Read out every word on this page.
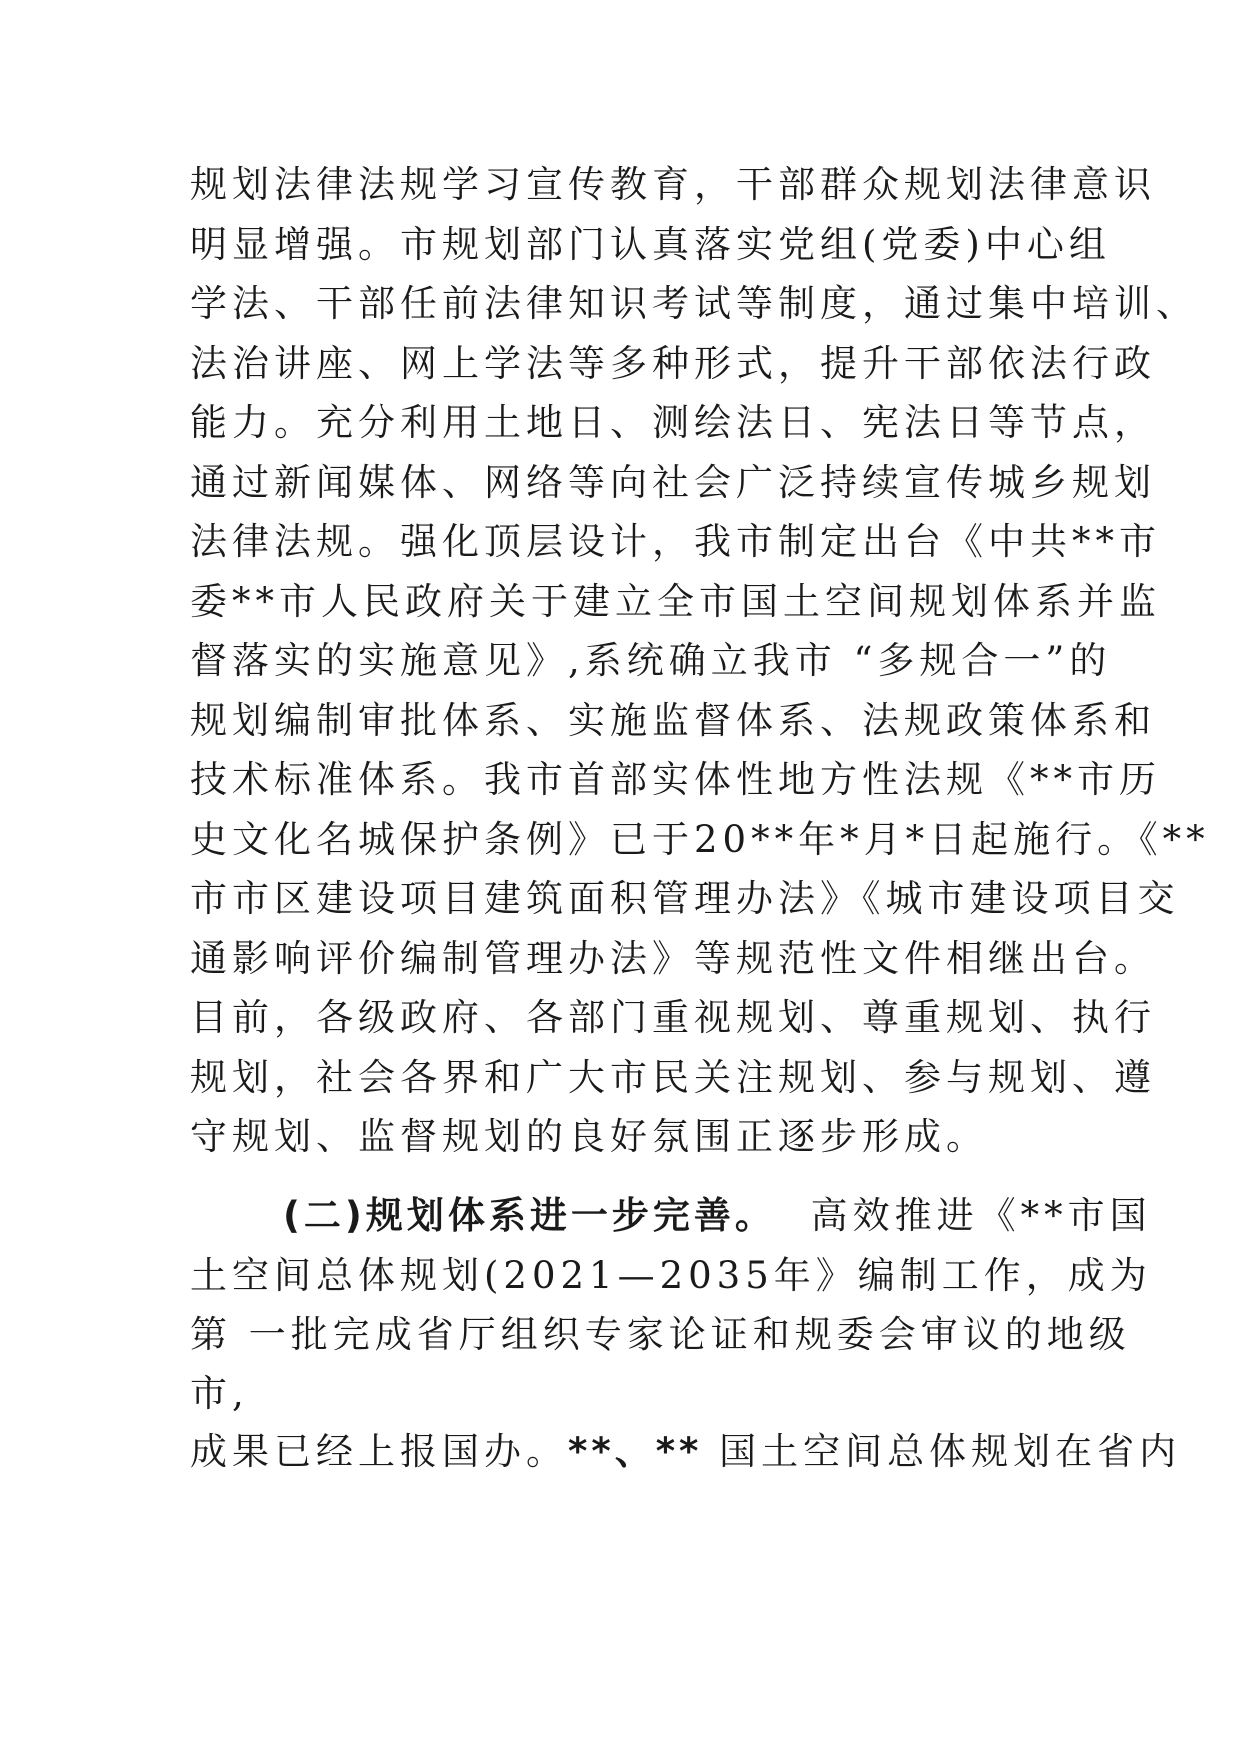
规划法律法规学习宣传教育，干部群众规划法律意识
明显增强。市规划部门认真落实党组(党委)中心组
学法、干部任前法律知识考试等制度，通过集中培训、
法治讲座、网上学法等多种形式，提升干部依法行政
能力。充分利用土地日、测绘法日、宪法日等节点，
通过新闻媒体、网络等向社会广泛持续宣传城乡规划
法律法规。强化顶层设计，我市制定出台《中共**市
委**市人民政府关于建立全市国土空间规划体系并监
督落实的实施意见》,系统确立我市 “多规合一”的
规划编制审批体系、实施监督体系、法规政策体系和
技术标准体系。我市首部实体性地方性法规《**市历
史文化名城保护条例》已于20**年*月*日起施行。《**
市市区建设项目建筑面积管理办法》《城市建设项目交
通影响评价编制管理办法》等规范性文件相继出台。
目前，各级政府、各部门重视规划、尊重规划、执行
规划，社会各界和广大市民关注规划、参与规划、遵
守规划、监督规划的良好氛围正逐步形成。
(二)规划体系进一步完善。 高效推进《**市国
土空间总体规划(2021—2035年》编制工作，成为
第 一批完成省厅组织专家论证和规委会审议的地级
市,
成果已经上报国办。**、** 国土空间总体规划在省内
